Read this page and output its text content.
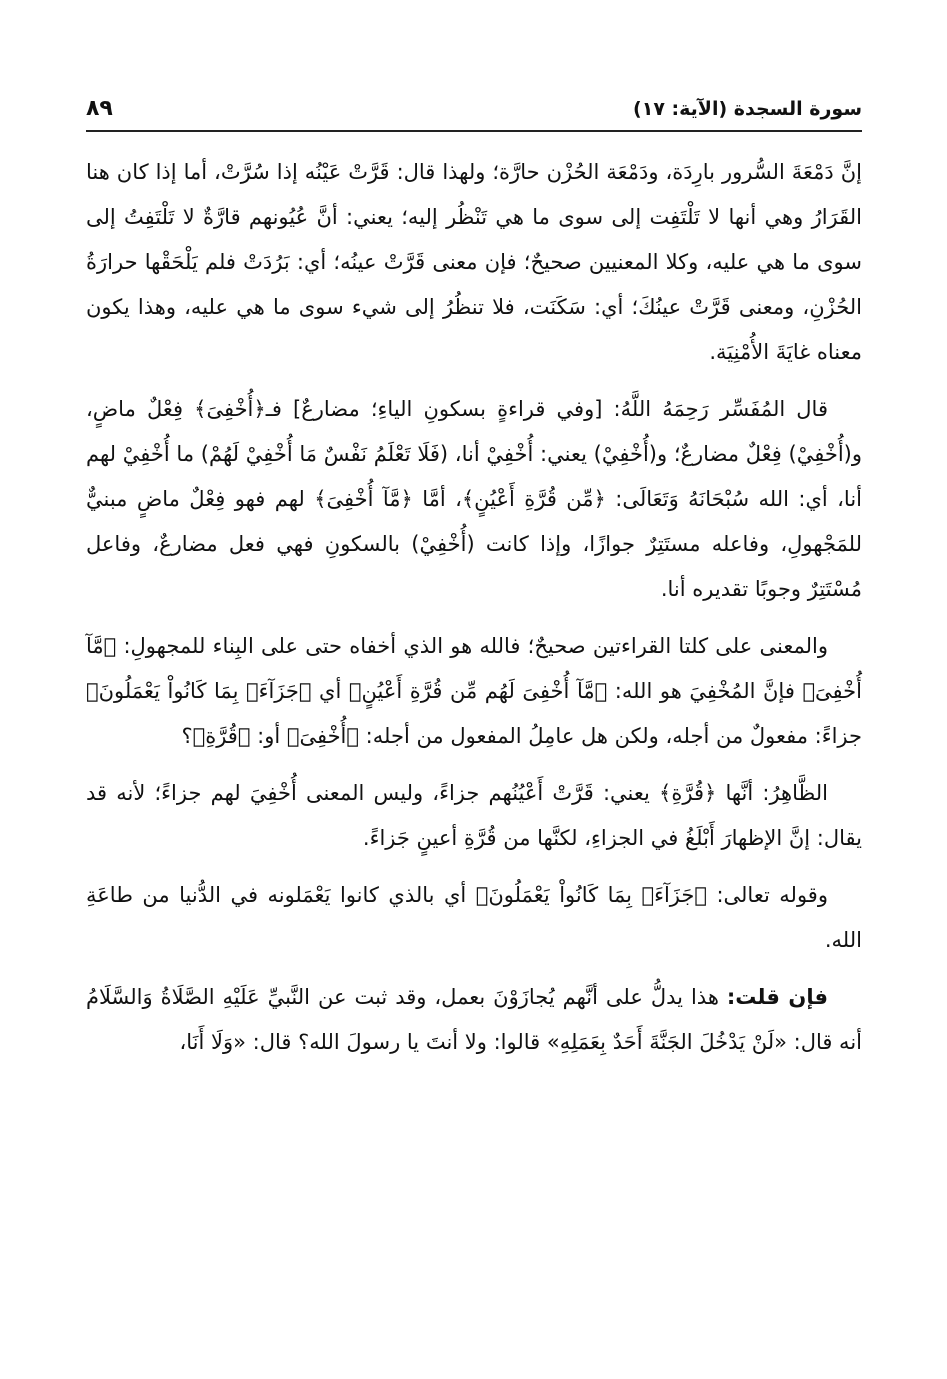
سورة السجدة (الآية: ١٧)
٨٩

إنَّ دَمْعَةَ السُّرور بارِدَة، ودَمْعَة الحُزْن حارَّة؛ ولهذا قال: قَرَّتْ عَيْنُه إذا سُرَّتْ، أما إذا كان هنا القَرَارُ وهي أنها لا تَلْتَفِت إلى سوى ما هي تَنْظُر إليه؛ يعني: أنَّ عُيُونهم قارَّةٌ لا تَلْتَفِتُ إلى سوى ما هي عليه، وكلا المعنيين صحيحٌ؛ فإن معنى قَرَّتْ عينُه؛ أي: بَرُدَتْ فلم يَلْحَقْها حرارَةُ الحُزْنِ، ومعنى قَرَّتْ عينُكَ؛ أي: سَكَنَت، فلا تنظُرُ إلى شيء سوى ما هي عليه، وهذا يكون معناه غايَةَ الأُمْنِيَة.

قال المُفَسِّر رَحِمَهُ اللَّهُ: [وفي قراءةٍ بسكونِ الياءِ؛ مضارعٌ] فـ﴿أُخْفِىَ﴾ فِعْلٌ ماضٍ، و(أُخْفِيْ) فِعْلٌ مضارعٌ؛ و(أُخْفِيْ) يعني: أُخْفِيْ أنا، (فَلَا تَعْلَمُ نَفْسٌ مَا أُخْفِيْ لَهُمْ) ما أُخْفِيْ لهم أنا، أي: الله سُبْحَانَهُ وَتَعَالَى: ﴿مِّن قُرَّةِ أَعْيُنٍ﴾، أمَّا ﴿مَّآ أُخْفِىَ﴾ لهم فهو فِعْلٌ ماضٍ مبنيٌّ للمَجْهولِ، وفاعله مستَتِرٌ جوازًا، وإذا كانت (أُخْفِيْ) بالسكونِ فهي فعل مضارعٌ، وفاعل مُسْتَتِرٌ وجوبًا تقديره أنا.

والمعنى على كلتا القراءتين صحيحٌ؛ فالله هو الذي أخفاه حتى على البِناء للمجهولِ: ﴿مَّآ أُخْفِىَ﴾ فإنَّ المُخْفِيَ هو الله: ﴿مَّآ أُخْفِىَ لَهُم مِّن قُرَّةِ أَعْيُنٍ﴾ أي ﴿جَزَآءَۢ بِمَا كَانُواْ يَعْمَلُونَ﴾ جزاءً: مفعولٌ من أجله، ولكن هل عامِلُ المفعول من أجله: ﴿أُخْفِىَ﴾ أو: ﴿قُرَّةِ﴾؟

الظَّاهِرُ: أنَّها ﴿قُرَّةِ﴾ يعني: قَرَّتْ أَعْيُنُهم جزاءً، وليس المعنى أُخْفِيَ لهم جزاءً؛ لأنه قد يقال: إنَّ الإظهارَ أَبْلَغُ في الجزاءِ، لكنَّها من قُرَّةِ أعينٍ جَزاءً.

وقوله تعالى: ﴿جَزَآءَۢ بِمَا كَانُواْ يَعْمَلُونَ﴾ أي بالذي كانوا يَعْمَلونه في الدُّنيا من طاعَةِ الله.

فإن قلت: هذا يدلُّ على أنَّهم يُجازَوْنَ بعمل، وقد ثبت عن النَّبيِّ عَلَيْهِ الصَّلَاةُ وَالسَّلَامُ أنه قال: «لَنْ يَدْخُلَ الجَنَّةَ أَحَدٌ بِعَمَلِهِ» قالوا: ولا أنتَ يا رسولَ الله؟ قال: «وَلَا أَنَا،
